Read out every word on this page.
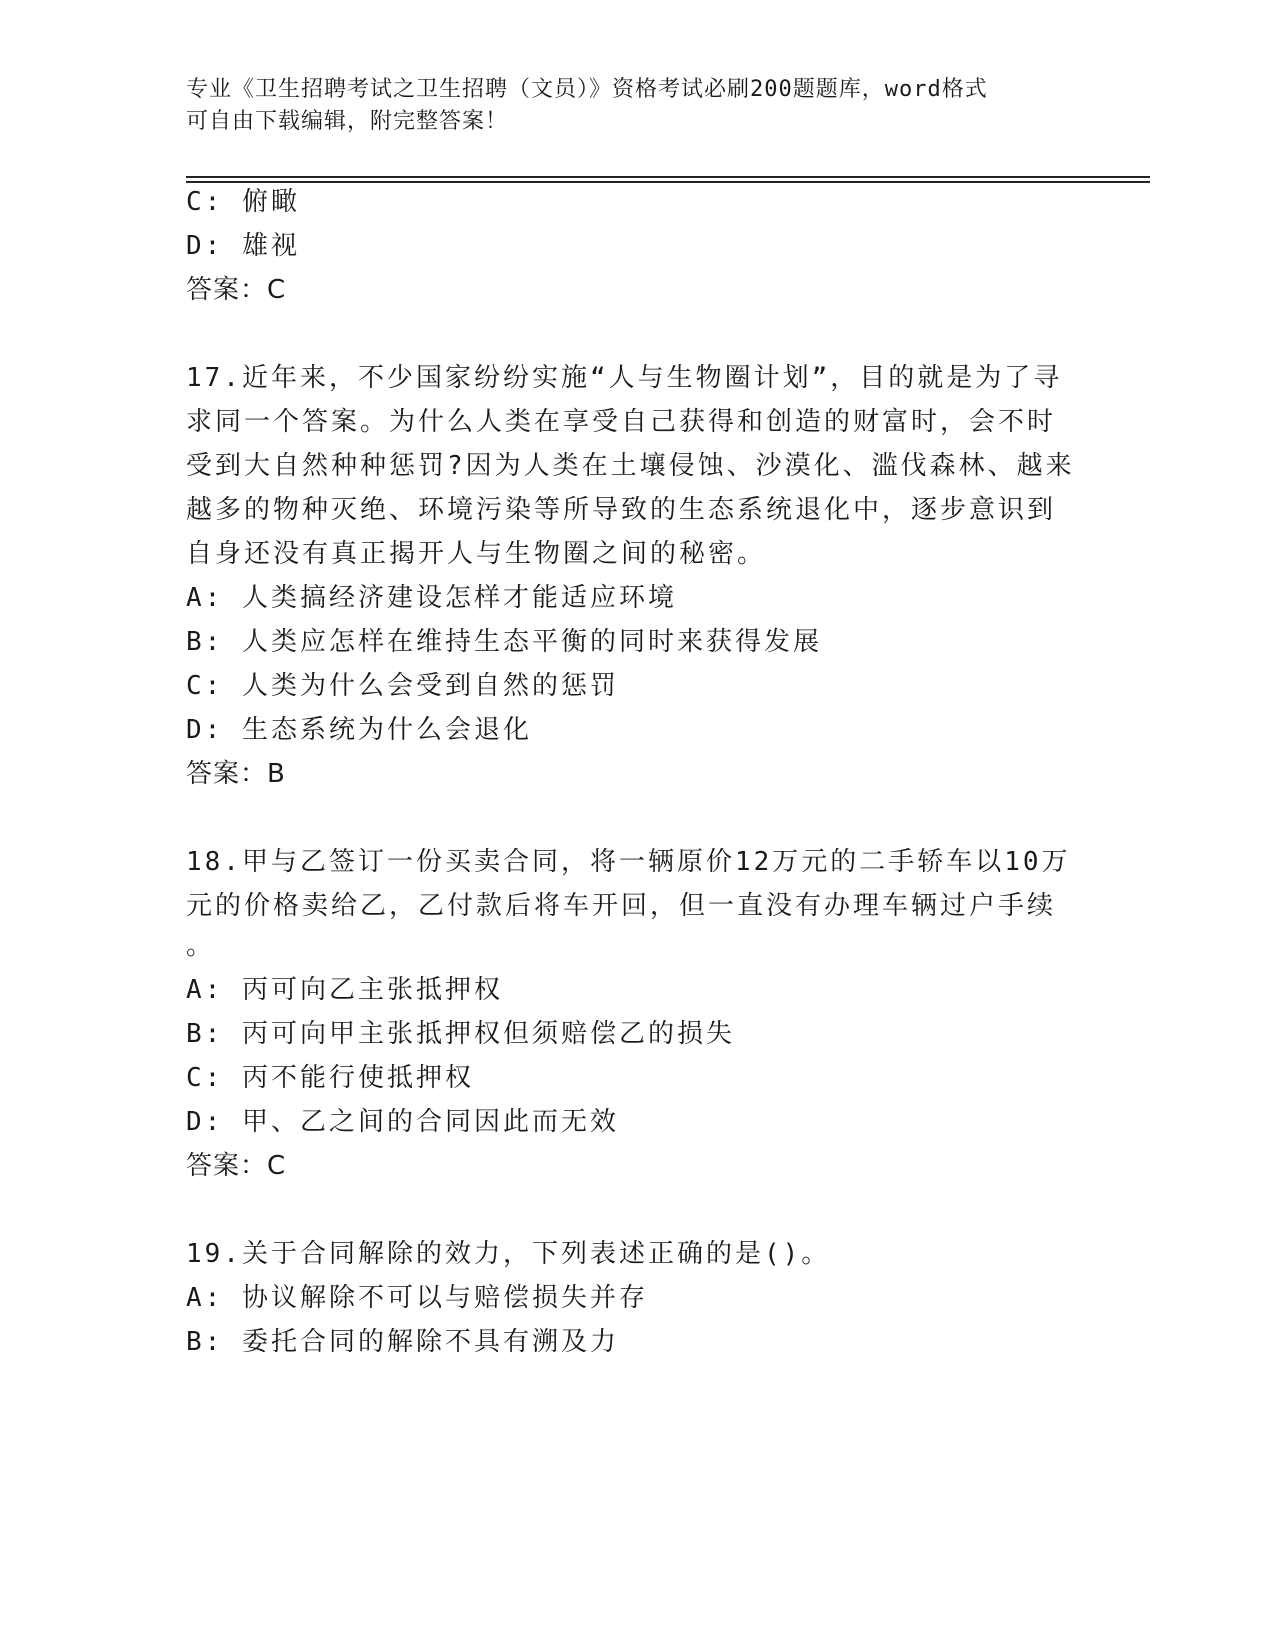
专业《卫生招聘考试之卫生招聘（文员）》资格考试必刷200题题库，word格式
可自由下载编辑，附完整答案！
C: 俯瞰
D: 雄视
答案：C
17.近年来，不少国家纷纷实施“人与生物圈计划”，目的就是为了寻
求同一个答案。为什么人类在享受自己获得和创造的财富时，会不时
受到大自然种种惩罚?因为人类在土壤侵蚀、沙漠化、滥伐森林、越来
越多的物种灭绝、环境污染等所导致的生态系统退化中，逐步意识到
自身还没有真正揭开人与生物圈之间的秘密。
A: 人类搞经济建设怎样才能适应环境
B: 人类应怎样在维持生态平衡的同时来获得发展
C: 人类为什么会受到自然的惩罚
D: 生态系统为什么会退化
答案：B
18.甲与乙签订一份买卖合同，将一辆原价12万元的二手轿车以10万
元的价格卖给乙，乙付款后将车开回，但一直没有办理车辆过户手续
。
A: 丙可向乙主张抵押权
B: 丙可向甲主张抵押权但须赔偿乙的损失
C: 丙不能行使抵押权
D: 甲、乙之间的合同因此而无效
答案：C
19.关于合同解除的效力，下列表述正确的是()。
A: 协议解除不可以与赔偿损失并存
B: 委托合同的解除不具有溯及力
